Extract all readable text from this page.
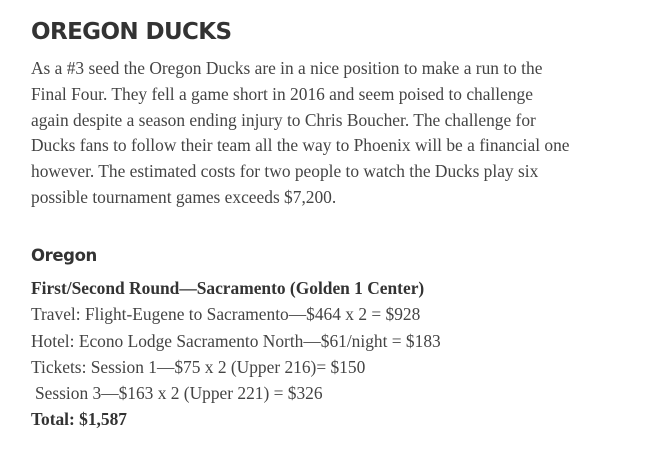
OREGON DUCKS

As a #3 seed the Oregon Ducks are in a nice position to make a run to the
Final Four. They fell a game short in 2016 and seem poised to challenge
again despite a season ending injury to Chris Boucher. The challenge for
Ducks fans to follow their team all the way to Phoenix will be a financial one
however. The estimated costs for two people to watch the Ducks play six
possible tournament games exceeds $7,200.

Oregon
First/Second Round—Sacramento (Golden 1 Center)
Travel: Flight-Eugene to Sacramento—$464 x 2 = $928
Hotel: Econo Lodge Sacramento North—$61/night = $183
Tickets: Session 1—$75 x 2 (Upper 216)= $150
Session 3—$163 x 2 (Upper 221) = $326
Total: $1,587
